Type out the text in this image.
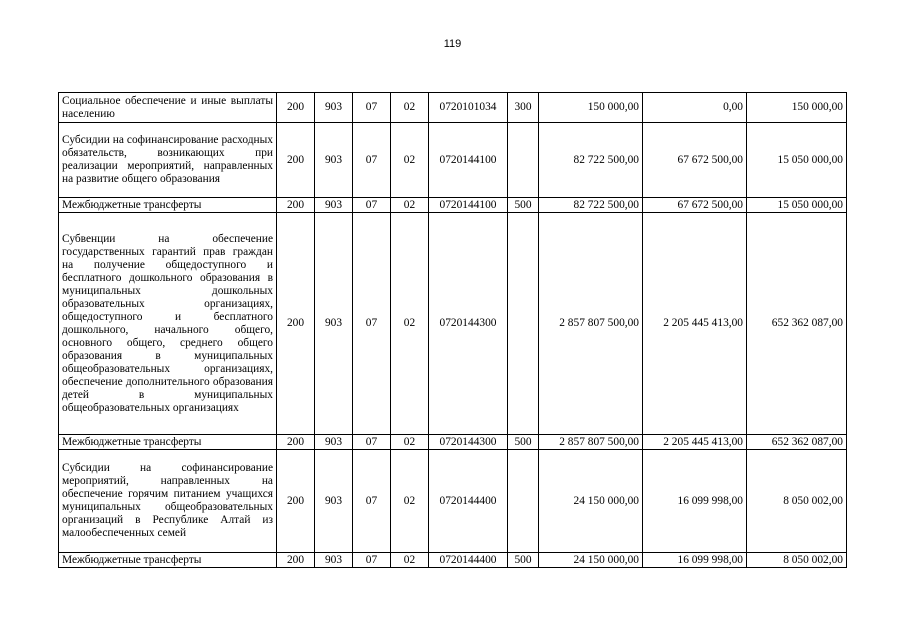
119
Социальное обеспечение и иные выплаты населению	200	903	07	02	0720101034	300	150 000,00	0,00	150 000,00
Субсидии на софинансирование расходных обязательств, возникающих при реализации мероприятий, направленных на развитие общего образования	200	903	07	02	0720144100		82 722 500,00	67 672 500,00	15 050 000,00
Межбюджетные трансферты	200	903	07	02	0720144100	500	82 722 500,00	67 672 500,00	15 050 000,00
Субвенции на обеспечение государственных гарантий прав граждан на получение общедоступного и бесплатного дошкольного образования в муниципальных дошкольных образовательных организациях, общедоступного и бесплатного дошкольного, начального общего, основного общего, среднего общего образования в муниципальных общеобразовательных организациях, обеспечение дополнительного образования детей в муниципальных общеобразовательных организациях	200	903	07	02	0720144300		2 857 807 500,00	2 205 445 413,00	652 362 087,00
Межбюджетные трансферты	200	903	07	02	0720144300	500	2 857 807 500,00	2 205 445 413,00	652 362 087,00
Субсидии на софинансирование мероприятий, направленных на обеспечение горячим питанием учащихся муниципальных общеобразовательных организаций в Республике Алтай из малообеспеченных семей	200	903	07	02	0720144400		24 150 000,00	16 099 998,00	8 050 002,00
Межбюджетные трансферты	200	903	07	02	0720144400	500	24 150 000,00	16 099 998,00	8 050 002,00
